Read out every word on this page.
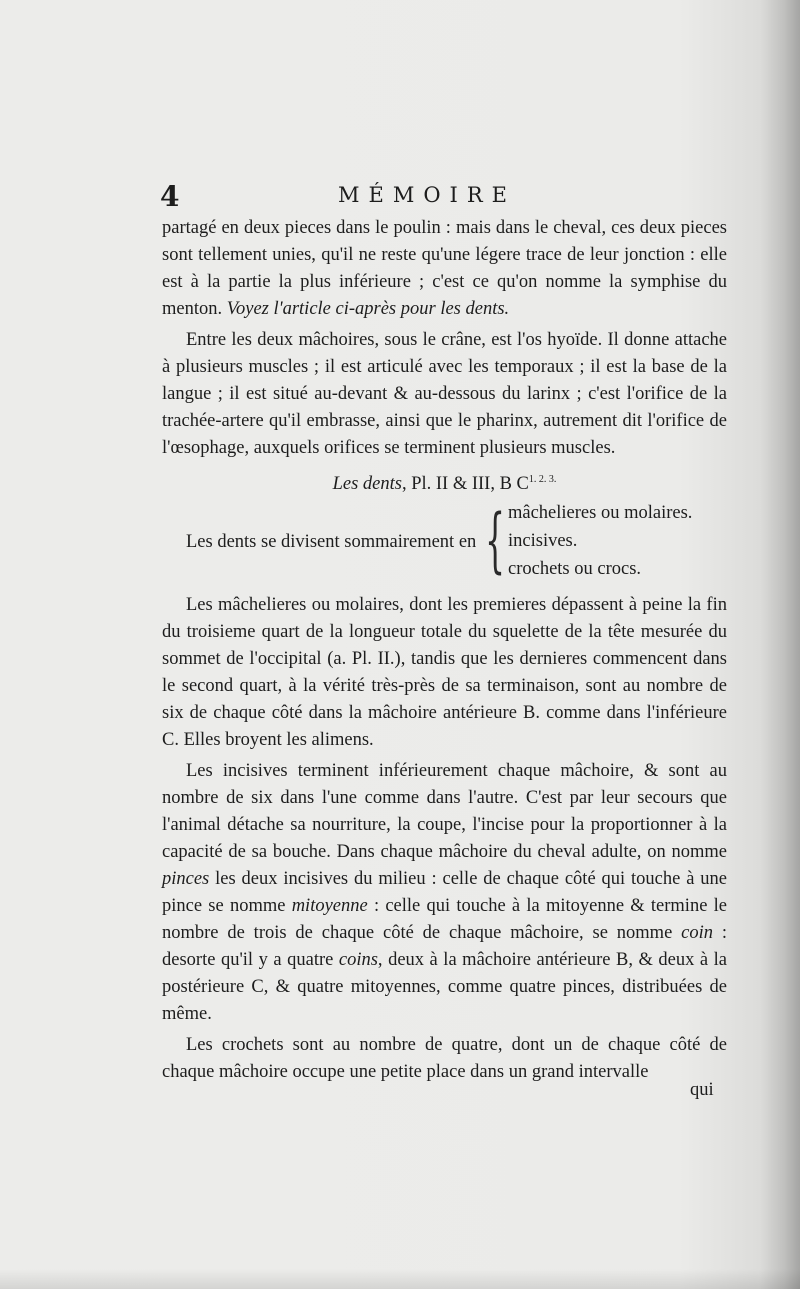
4	MÉMOIRE

partagé en deux pieces dans le poulin : mais dans le cheval, ces deux pieces sont tellement unies, qu'il ne reste qu'une légere trace de leur jonction : elle est à la partie la plus inférieure ; c'est ce qu'on nomme la symphise du menton. Voyez l'article ci-après pour les dents.

Entre les deux mâchoires, sous le crâne, est l'os hyoïde. Il donne attache à plusieurs muscles ; il est articulé avec les temporaux ; il est la base de la langue ; il est situé au-devant & au-dessous du larinx ; c'est l'orifice de la trachée-artere qu'il embrasse, ainsi que le pharinx, autrement dit l'orifice de l'œsophage, auxquels orifices se terminent plusieurs muscles.

Les dents, Pl. II & III, B $C^{1. 2. 3.}$

Les dents se divisent sommairement en { mâchelieres ou molaires.
incisives.
crochets ou crocs.

Les mâchelieres ou molaires, dont les premieres dépassent à peine la fin du troisieme quart de la longueur totale du squelette de la tête mesurée du sommet de l'occipital (a. Pl. II.), tandis que les dernieres commencent dans le second quart, à la vérité très-près de sa terminaison, sont au nombre de six de chaque côté dans la mâchoire antérieure B. comme dans l'inférieure C. Elles broyent les alimens.

Les incisives terminent inférieurement chaque mâchoire, & sont au nombre de six dans l'une comme dans l'autre. C'est par leur secours que l'animal détache sa nourriture, la coupe, l'incise pour la proportionner à la capacité de sa bouche. Dans chaque mâchoire du cheval adulte, on nomme pinces les deux incisives du milieu : celle de chaque côté qui touche à une pince se nomme mitoyenne : celle qui touche à la mitoyenne & termine le nombre de trois de chaque côté de chaque mâchoire, se nomme coin : desorte qu'il y a quatre coins, deux à la mâchoire antérieure B, & deux à la postérieure C, & quatre mitoyennes, comme quatre pinces, distribuées de même.

Les crochets sont au nombre de quatre, dont un de chaque côté de chaque mâchoire occupe une petite place dans un grand intervalle

qui
